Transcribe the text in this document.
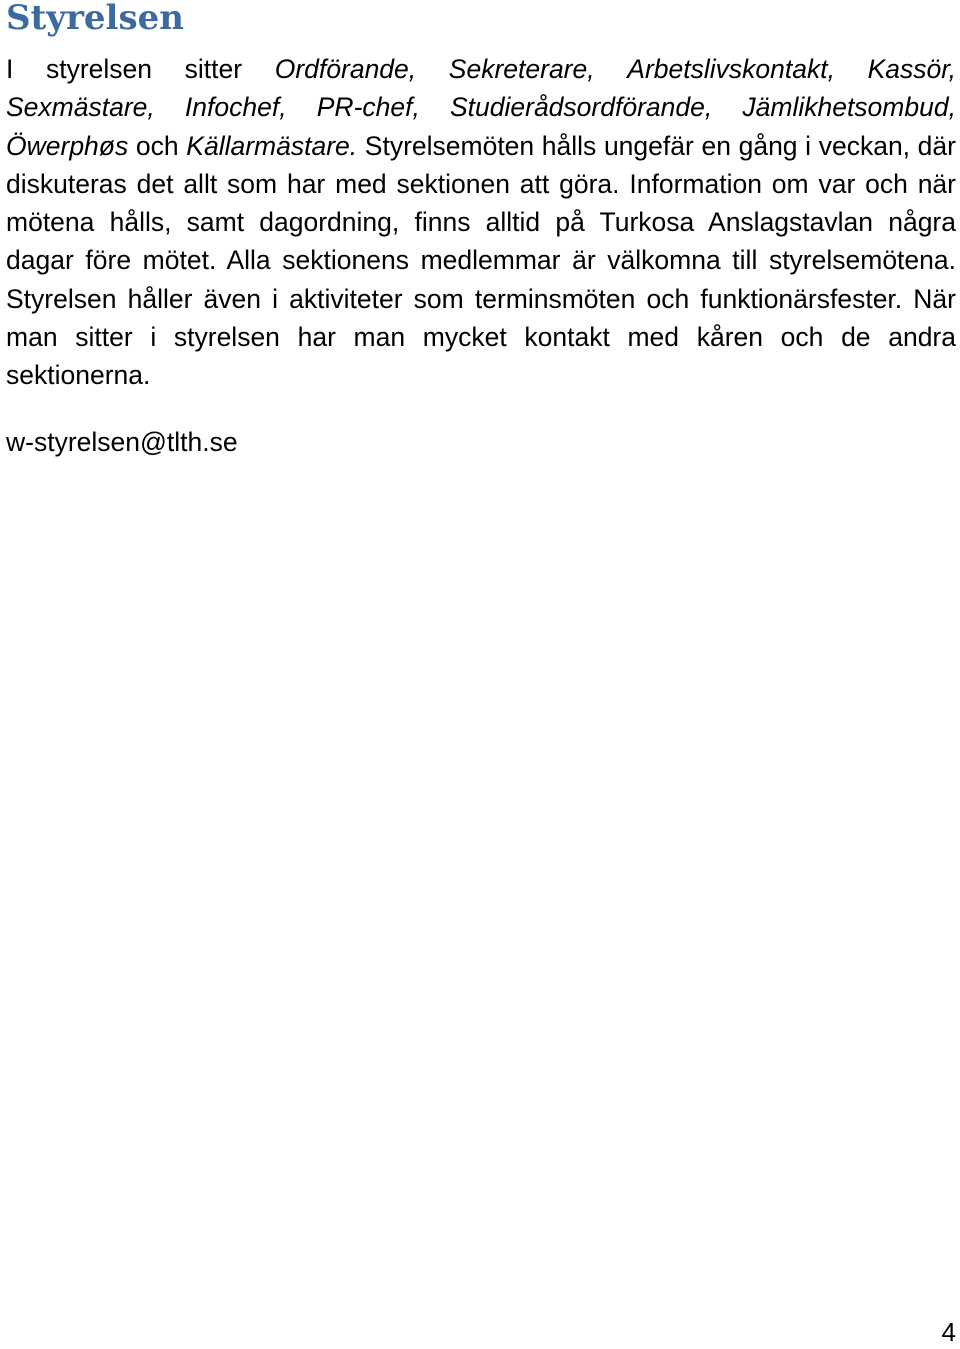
Styrelsen

I styrelsen sitter Ordförande, Sekreterare, Arbetslivskontakt, Kassör, Sexmästare, Infochef, PR-chef, Studierådsordförande, Jämlikhetsombud, Öwerphøs och Källarmästare. Styrelsemöten hålls ungefär en gång i veckan, där diskuteras det allt som har med sektionen att göra. Information om var och när mötena hålls, samt dagordning, finns alltid på Turkosa Anslagstavlan några dagar före mötet. Alla sektionens medlemmar är välkomna till styrelsemötena. Styrelsen håller även i aktiviteter som terminsmöten och funktionärsfester. När man sitter i styrelsen har man mycket kontakt med kåren och de andra sektionerna.

w-styrelsen@tlth.se

4
